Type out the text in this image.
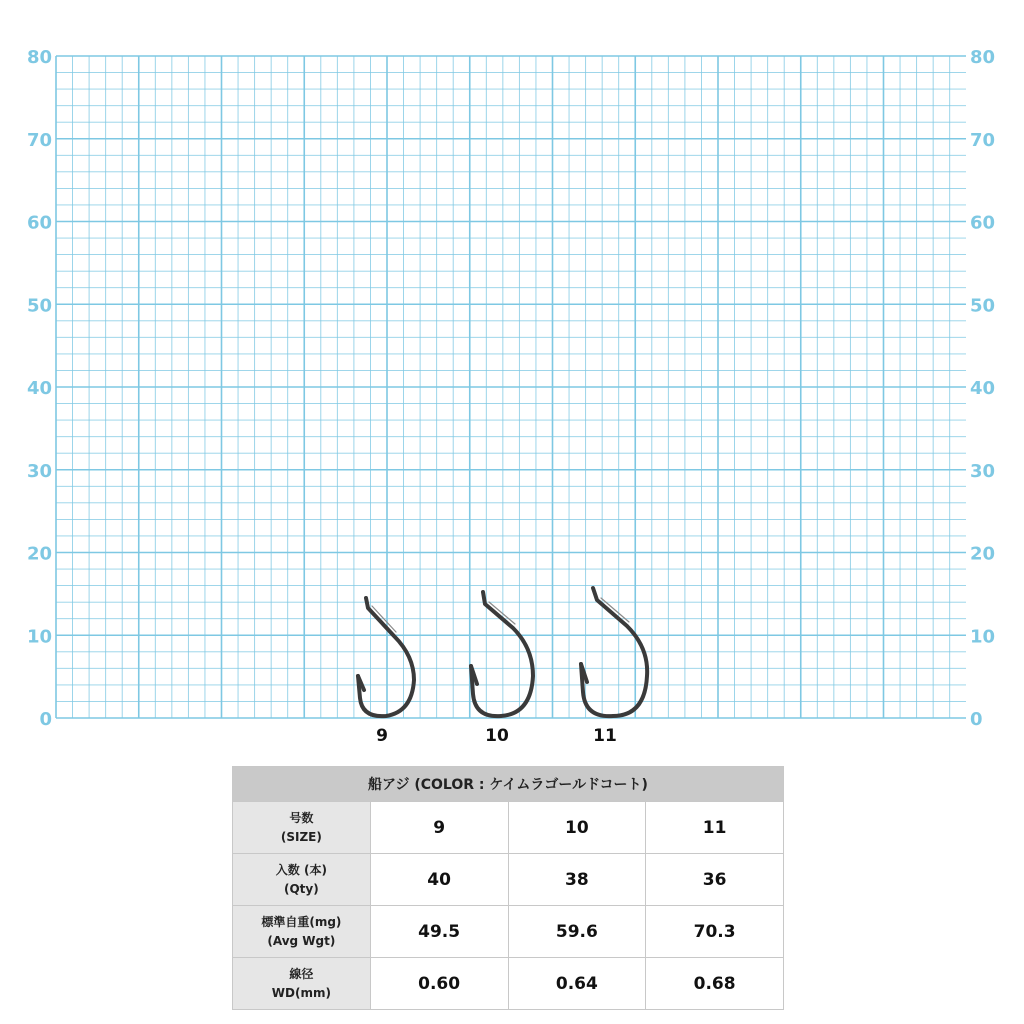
0
10
20
30
40
50
60
70
80
0
10
20
30
40
50
60
70
80
9	10	11
船アジ (COLOR : ケイムラゴールドコート)			

号数
(SIZE)	9	10	11

入数 (本)
(Qty)	40	38	36

標準自重(mg)
(Avg Wgt)	49.5	59.6	70.3

線径
WD(mm)	0.60	0.64	0.68
